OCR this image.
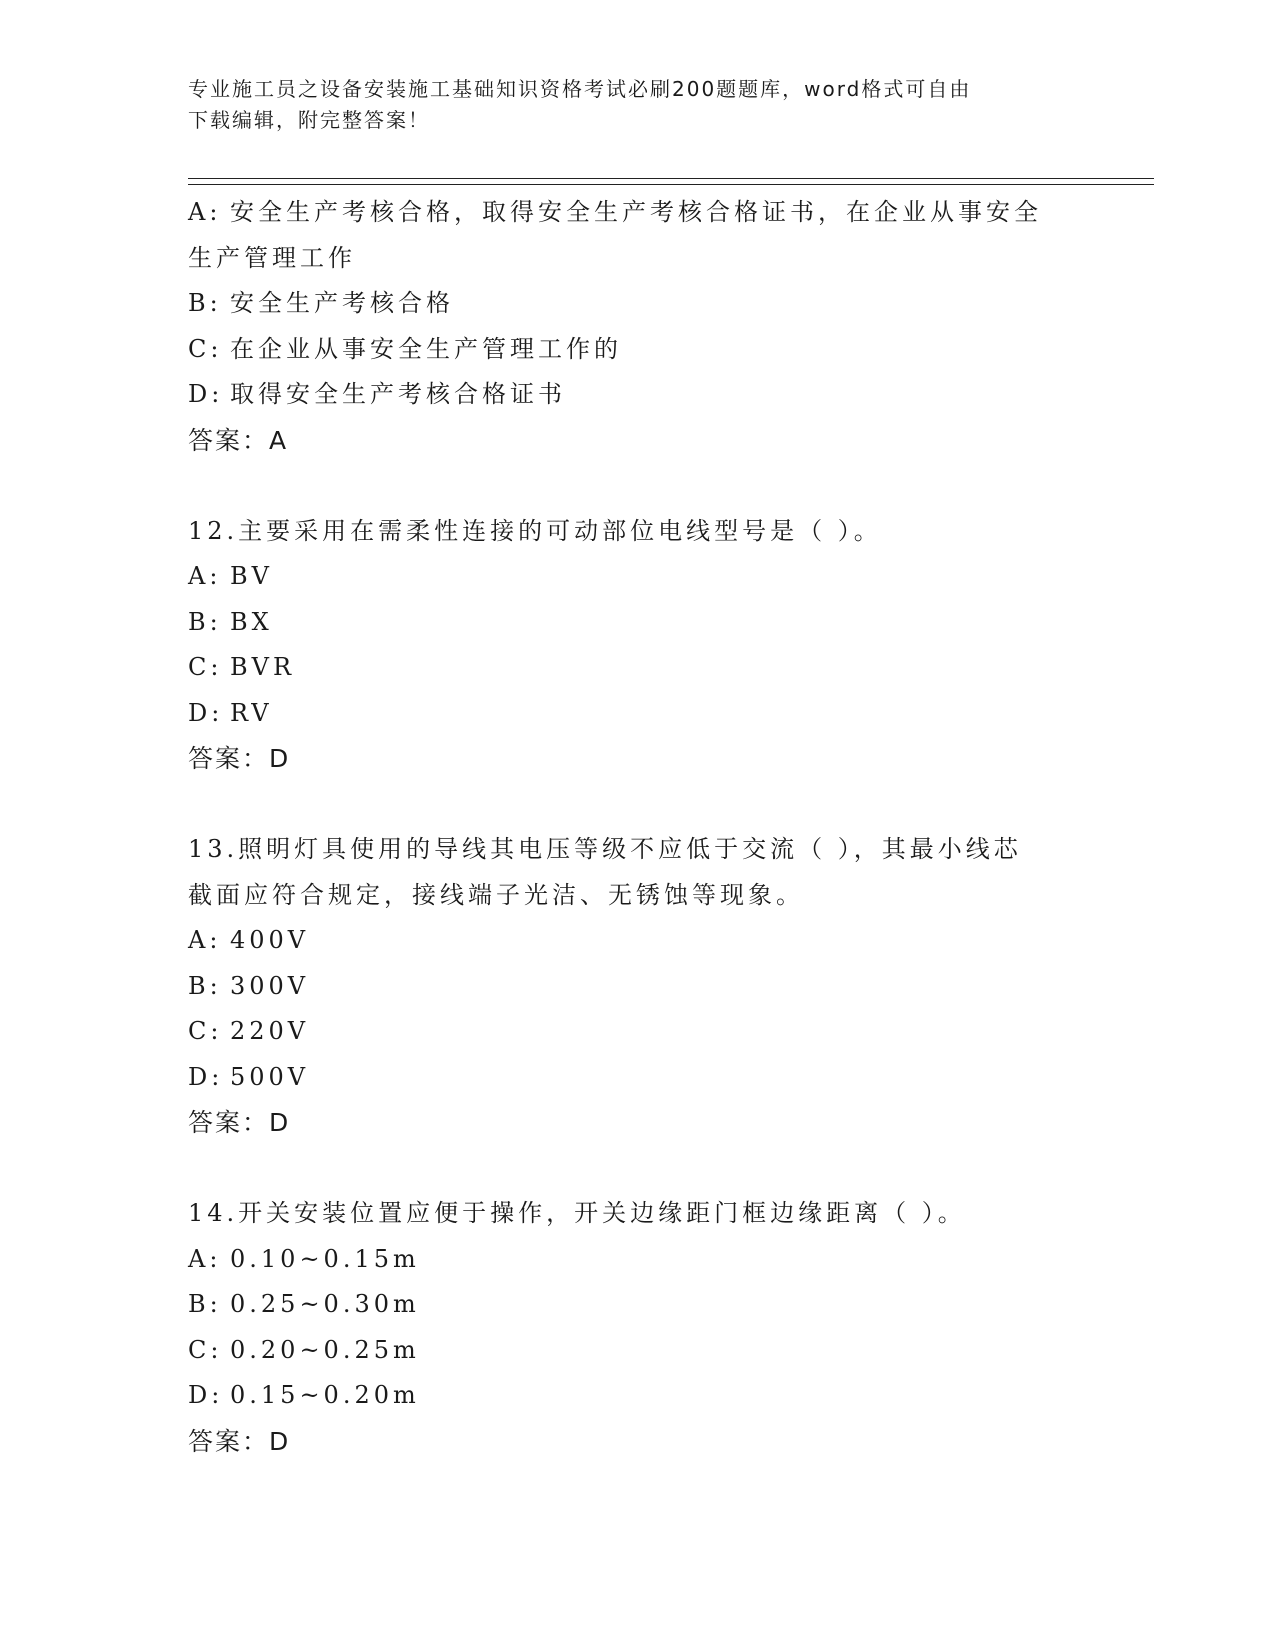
专业施工员之设备安装施工基础知识资格考试必刷200题题库，word格式可自由
下载编辑，附完整答案！
A: 安全生产考核合格，取得安全生产考核合格证书，在企业从事安全
生产管理工作
B: 安全生产考核合格
C: 在企业从事安全生产管理工作的
D: 取得安全生产考核合格证书
答案：A
12.主要采用在需柔性连接的可动部位电线型号是（ ）。
A: BV
B: BX
C: BVR
D: RV
答案：D
13.照明灯具使用的导线其电压等级不应低于交流（ ），其最小线芯
截面应符合规定，接线端子光洁、无锈蚀等现象。
A: 400V
B: 300V
C: 220V
D: 500V
答案：D
14.开关安装位置应便于操作，开关边缘距门框边缘距离（ ）。
A: 0.10~0.15m
B: 0.25~0.30m
C: 0.20~0.25m
D: 0.15~0.20m
答案：D
